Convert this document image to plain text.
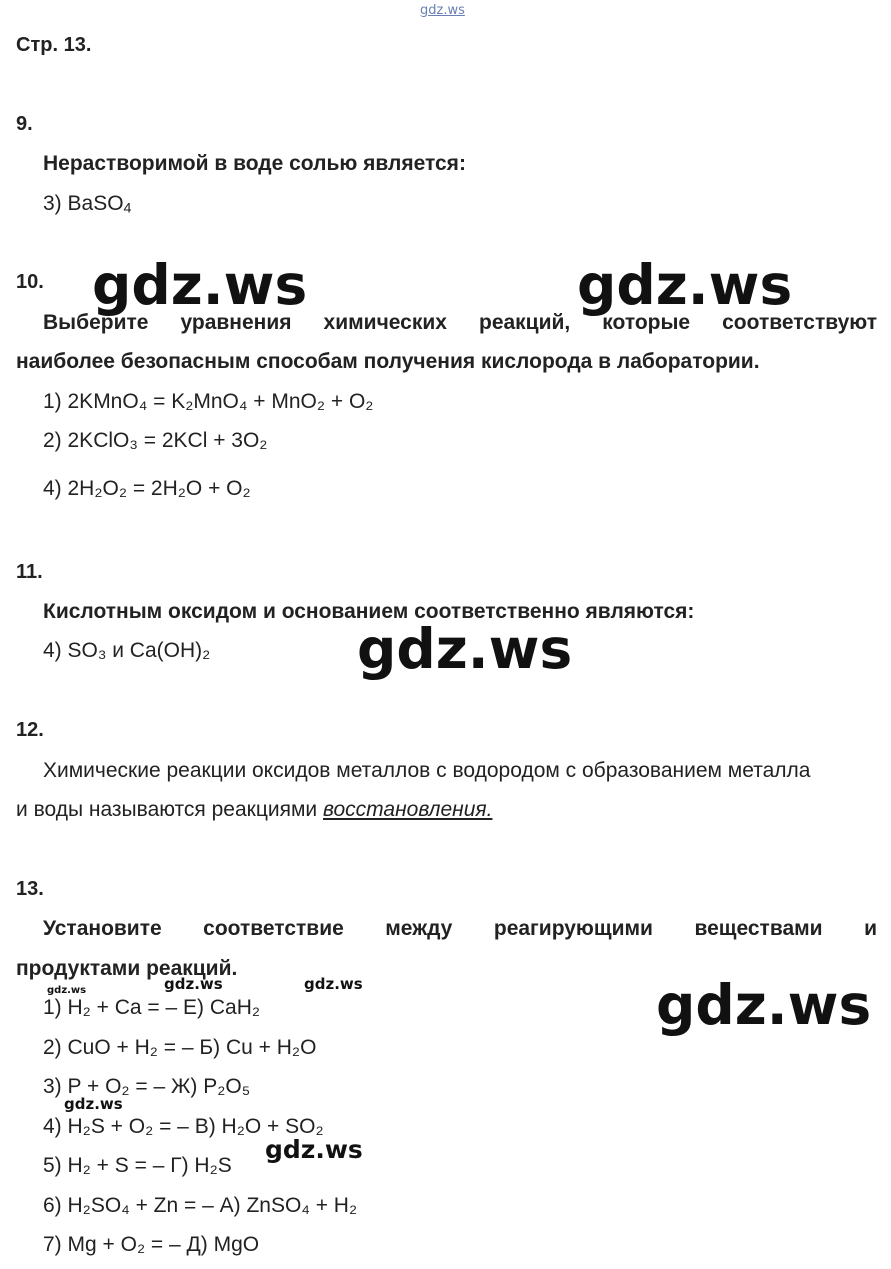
gdz.ws
Стр. 13.
9.
Нерастворимой в воде солью является:
3) BaSO$_4$
10. gdz.ws	gdz.ws
Выберите уравнения химических реакций, которые соответствуют
наиболее безопасным способам получения кислорода в лаборатории.
1) 2KMnO₄ = K₂MnO₄ + MnO₂ + O₂
2) 2KClO₃ = 2KCl + 3O₂
4) 2H₂O₂ = 2H₂O + O₂
11.
Кислотным оксидом и основанием соответственно являются:
4) SO₃ и Ca(OH)₂	gdz.ws
12.
Химические реакции оксидов металлов с водородом с образованием металла
и воды называются реакциями восстановления.
13.
Установите соответствие между реагирующими веществами и
продуктами реакций.
gdz.ws	gdz.ws	gdz.ws	gdz.ws
1) H₂ + Ca = – Е) CaH₂
2) CuO + H₂ = – Б) Cu + H₂O
3) P + O₂ = – Ж) P₂O₅
gdz.ws
4) H₂S + O₂ = – В) H₂O + SO₂
gdz.ws
5) H₂ + S = – Г) H₂S
6) H₂SO₄ + Zn = – А) ZnSO₄ + H₂
7) Mg + O₂ = – Д) MgO
